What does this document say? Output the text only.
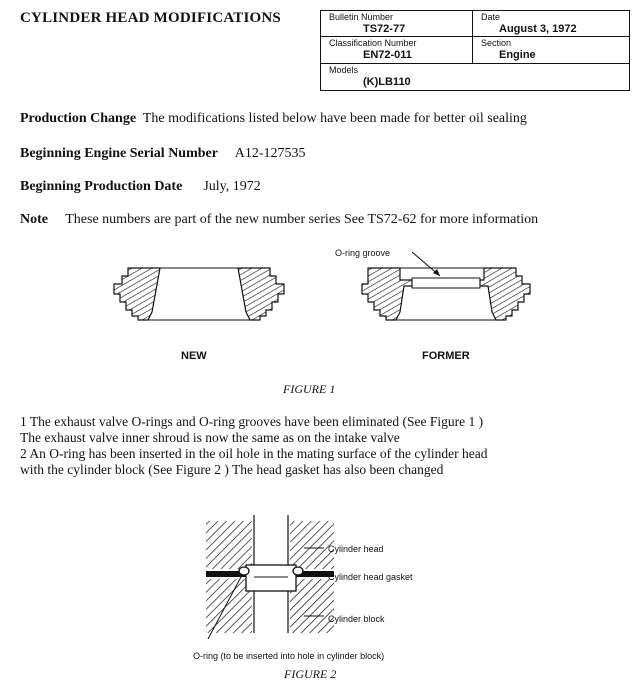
CYLINDER HEAD MODIFICATIONS	Bulletin Number
TS72-77
Date
August 3, 1972
Classification Number
EN72-011
Section
Engine
Models
(K)LB110
Production Change The modifications listed below have been made for better oil sealing
Beginning Engine Serial Number A12-127535
Beginning Production Date July, 1972
Note These numbers are part of the new number series See TS72-62 for more information
O-ring groove
NEW	FORMER
FIGURE 1
1 The exhaust valve O-rings and O-ring grooves have been eliminated (See Figure 1 )
The exhaust valve inner shroud is now the same as on the intake valve
2 An O-ring has been inserted in the oil hole in the mating surface of the cylinder head
with the cylinder block (See Figure 2 ) The head gasket has also been changed
Cylinder head
Cylinder head gasket
Cylinder block
O-ring (to be inserted into hole in cylinder block)
FIGURE 2
